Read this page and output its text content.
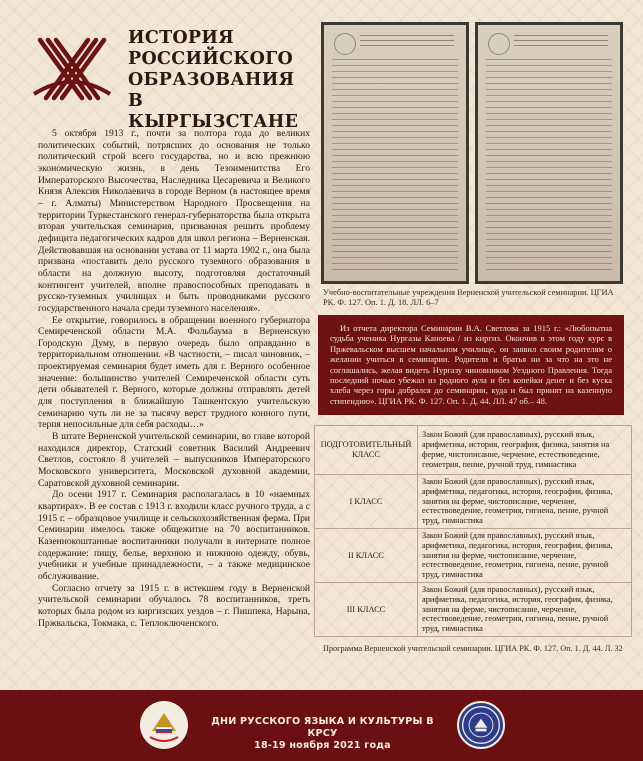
ИСТОРИЯ
РОССИЙСКОГО
ОБРАЗОВАНИЯ
В КЫРГЫЗСТАНЕ

5 октября 1913 г., почти за полтора года до великих политических событий, потрясших до основания не только политический строй всего государства, но и всю прежнюю экономическую жизнь, в день Тезоименитства Его Императорского Высочества, Наследника Цесаревича и Великого Князя Алексия Николаевича в городе Верном (в настоящее время – г. Алматы) Министерством Народного Просвещения на территории Туркестанского генерал-губернаторства была открыта вторая учительская семинария, призванная решить проблему дефицита педагогических кадров для школ региона – Верненская. Действовавшая на основании устава от 11 марта 1902 г., она была призвана «поставить дело русского туземного образования в области на должную высоту, подготовляя достаточный контингент учителей, вполне правоспособных преподавать в русско-туземных училищах и быть проводниками русского государственного начала среди туземного населения».

Ее открытие, говорилось в обращении военного губернатора Семиреченской области М.А. Фольбаума в Верненскую Городскую Думу, в первую очередь было оправданно в территориальном отношении. «В частности, – писал чиновник, – проектируемая семинария будет иметь для г. Верного особенное значение: большинство учителей Семиреченской области суть дети обывателей г. Верного, которые должны отправлять детей для поступления в ближайшую Ташкентскую учительскую семинарию чуть ли не за тысячу верст трудного конного пути, терпя непосильные для себя расходы…»

В штате Верненской учительской семинарии, во главе которой находился директор, Статский советник Василий Андреевич Светлов, состояло 8 учителей – выпускников Императорского Московского университета, Московской духовной академии, Саратовской духовной семинарии.

До осени 1917 г. Семинария располагалась в 10 «наемных квартирах». В ее состав с 1913 г. входили класс ручного труда, а с 1915 г. – образцовое училище и сельскохозяйственная ферма. При Семинарии имелось также общежитие на 70 воспитанников. Казеннокоштанные воспитанники получали в интернате полное содержание: пищу, белье, верхнюю и нижнюю одежду, обувь, учебники и учебные принадлежности, – а также медицинское обслуживание.

Согласно отчету за 1915 г. в истекшем году в Верненской учительской семинарии обучалось 78 воспитанников, треть которых была родом из киргизских уездов – г. Пишпека, Нарына, Пржвальска, Токмака, с. Теплоключенского.

Учебно-воспитательные учреждения Верненской учительской семинарии. ЦГИА РК. Ф. 127. Оп. 1. Д. 18. ЛЛ. 6–7
Из отчета директора Семинарии В.А. Светлова за 1915 г.: «Любопытна судьба ученика Нургазы Каноева / из киргиз. Окончив в этом году курс в Пржевальском высшем начальном училище, он заявил своим родителям о желании учиться в семинарии. Родители и братья ни за что на это не соглашались, желая видеть Нургазу чиновником Уездного Правления. Тогда последний ночью убежал из родного аула и без копейки денег и без куска хлеба через горы добрался до семинарии, куда и был принят на казенную стипендию». ЦГИА РК. Ф. 127. Оп. 1. Д. 44. ЛЛ. 47 об.– 48.
ПОДГОТОВИТЕЛЬНЫЙ КЛАСС	Закон Божий (для православных), русский язык, арифметика, история, география, физика, занятия на ферме, чистописание, черчение, естествоведение, геометрия, пение, ручной труд, гимнастика
I КЛАСС	Закон Божий (для православных), русский язык, арифметика, педагогика, история, география, физика, занятия на ферме, чистописание, черчение, естествоведение, геометрия, гигиена, пение, ручной труд, гимнастика
II КЛАСС	Закон Божий (для православных), русский язык, арифметика, педагогика, история, география, физика, занятия на ферме, чистописание, черчение, естествоведение, геометрия, гигиена, пение, ручной труд, гимнастика
III КЛАСС	Закон Божий (для православных), русский язык, арифметика, педагогика, история, география, физика, занятия на ферме, чистописание, черчение, естествоведение, геометрия, гигиена, пение, ручной труд, гимнастика
Программа Верненской учительской семинарии. ЦГИА РК. Ф. 127. Оп. 1. Д. 44. Л. 32
ДНИ РУССКОГО ЯЗЫКА И КУЛЬТУРЫ В КРСУ
18-19 ноября 2021 года
